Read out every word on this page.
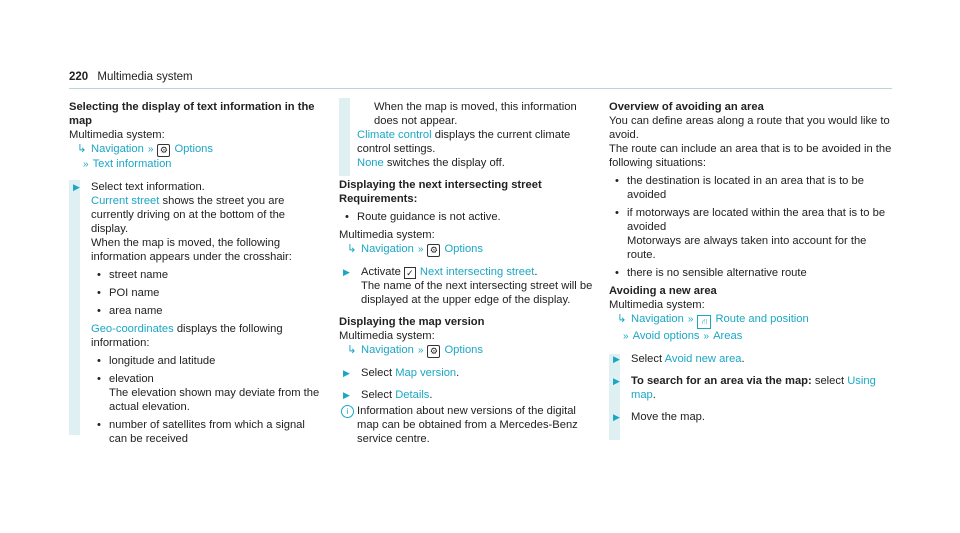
220 Multimedia system

Selecting the display of text information in the map

Multimedia system:

↳ Navigation » ⚙ Options

» Text information

▶ Select text information.

Current street shows the street you are currently driving on at the bottom of the display.

When the map is moved, the following information appears under the crosshair:

• street name
• POI name
• area name

Geo-coordinates displays the following information:

• longitude and latitude
• elevation

The elevation shown may deviate from the actual elevation.

• number of satellites from which a signal can be received

When the map is moved, this information does not appear.

Climate control displays the current climate control settings.

None switches the display off.

Displaying the next intersecting street

Requirements:

• Route guidance is not active.

Multimedia system:

↳ Navigation » ⚙ Options

▶ Activate ✓ Next intersecting street.

The name of the next intersecting street will be displayed at the upper edge of the display.

Displaying the map version

Multimedia system:

↳ Navigation » ⚙ Options

▶ Select Map version.

▶ Select Details.

i Information about new versions of the digital map can be obtained from a Mercedes-Benz service centre.

Overview of avoiding an area

You can define areas along a route that you would like to avoid.

The route can include an area that is to be avoided in the following situations:

• the destination is located in an area that is to be avoided
• if motorways are located within the area that is to be avoided

Motorways are always taken into account for the route.

• there is no sensible alternative route

Avoiding a new area

Multimedia system:

↳ Navigation » ⛙ Route and position

» Avoid options » Areas

▶ Select Avoid new area.

▶ To search for an area via the map: select Using map.

▶ Move the map.
